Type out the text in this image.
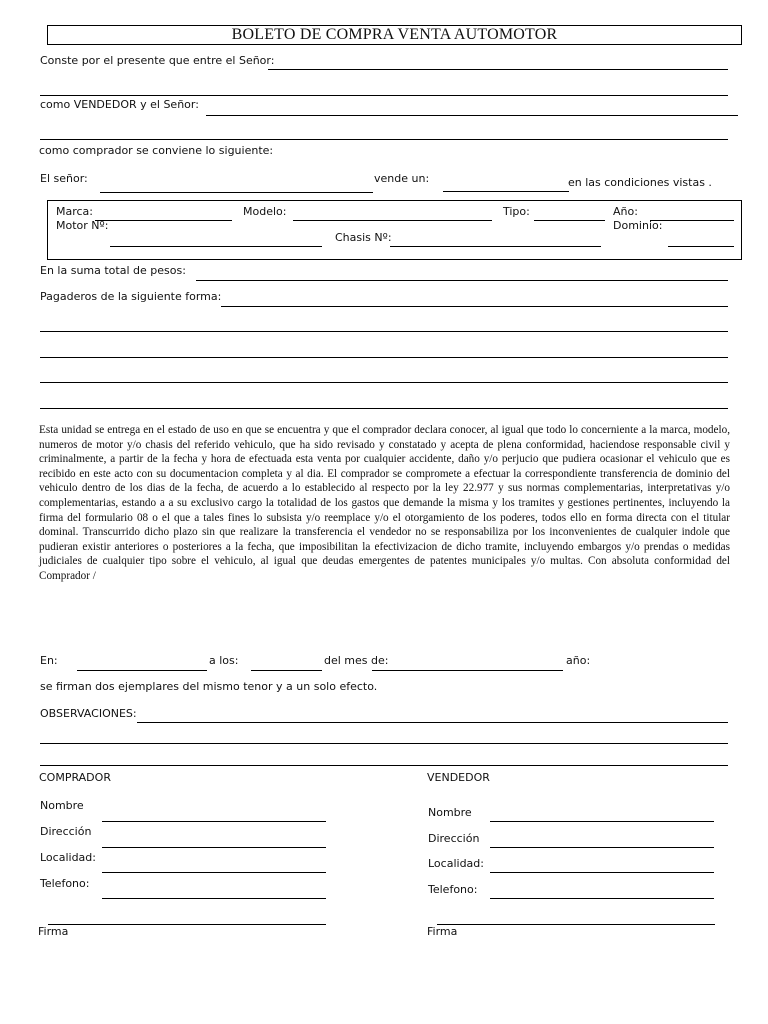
BOLETO DE COMPRA VENTA AUTOMOTOR
Conste por el presente que entre el Señor:
como VENDEDOR y el Señor:
como comprador se conviene lo siguiente:
El señor:	vende un:	en las condiciones vistas .
Marca:	Modelo:	Tipo:	Año:
Motor Nº:
Chasis Nº:
Dominio:
En la suma total de pesos:
Pagaderos de la siguiente forma:
Esta unidad se entrega en el estado de uso en que se encuentra y que el comprador declara conocer, al igual que todo lo concerniente a la marca, modelo, numeros de motor y/o chasis del referido vehiculo, que ha sido revisado y constatado y acepta de plena conformidad, haciendose responsable civil y criminalmente, a partir de la fecha y hora de efectuada esta venta por cualquier accidente, daño y/o perjucio que pudiera ocasionar el vehiculo que es recibido en este acto con su documentacion completa y al dia. El comprador se compromete a efectuar la correspondiente transferencia de dominio del vehiculo dentro de los dias de la fecha, de acuerdo a lo establecido al respecto por la ley 22.977 y sus normas complementarias, interpretativas y/o complementarias, estando a a su exclusivo cargo la totalidad de los gastos que demande la misma y los tramites y gestiones pertinentes, incluyendo la firma del formulario 08 o el que a tales fines lo subsista y/o reemplace y/o el otorgamiento de los poderes, todos ello en forma directa con el titular dominal. Transcurrido dicho plazo sin que realizare la transferencia el vendedor no se responsabiliza por los inconvenientes de cualquier indole que pudieran existir anteriores o posteriores a la fecha, que imposibilitan la efectivizacion de dicho tramite, incluyendo embargos y/o prendas o medidas judiciales de cualquier tipo sobre el vehiculo, al igual que deudas emergentes de patentes municipales y/o multas. Con absoluta conformidad del Comprador /
En:	a los:	del mes de:	año:
se firman dos ejemplares del mismo tenor y a un solo efecto.
OBSERVACIONES:
COMPRADOR
Nombre
Dirección
Localidad:
Telefono:
Firma
VENDEDOR
Nombre
Dirección
Localidad:
Telefono:
Firma
